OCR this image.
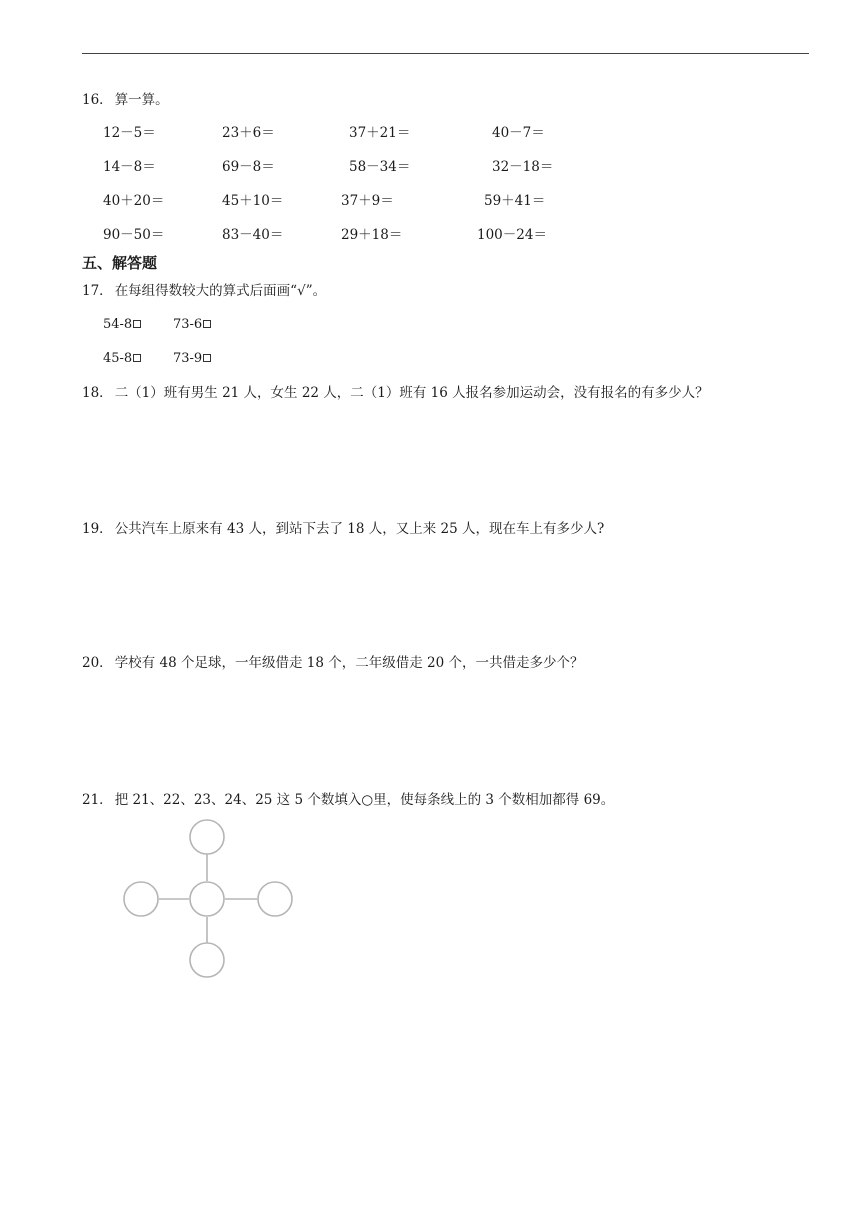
16． 算一算。
12－5＝	23＋6＝	37＋21＝	40－7＝
14－8＝	69－8＝	58－34＝	32－18＝
40＋20＝	45＋10＝	37＋9＝	59＋41＝
90－50＝	83－40＝	29＋18＝	100－24＝
五、解答题
17． 在每组得数较大的算式后面画“√”。
54-8	73-6
45-8	73-9
18． 二（1）班有男生 21 人，女生 22 人，二（1）班有 16 人报名参加运动会，没有报名的有多少人？
19． 公共汽车上原来有 43 人，到站下去了 18 人，又上来 25 人，现在车上有多少人?
20． 学校有 48 个足球，一年级借走 18 个，二年级借走 20 个，一共借走多少个？
21． 把 21、22、23、24、25 这 5 个数填入○里，使每条线上的 3 个数相加都得 69。
